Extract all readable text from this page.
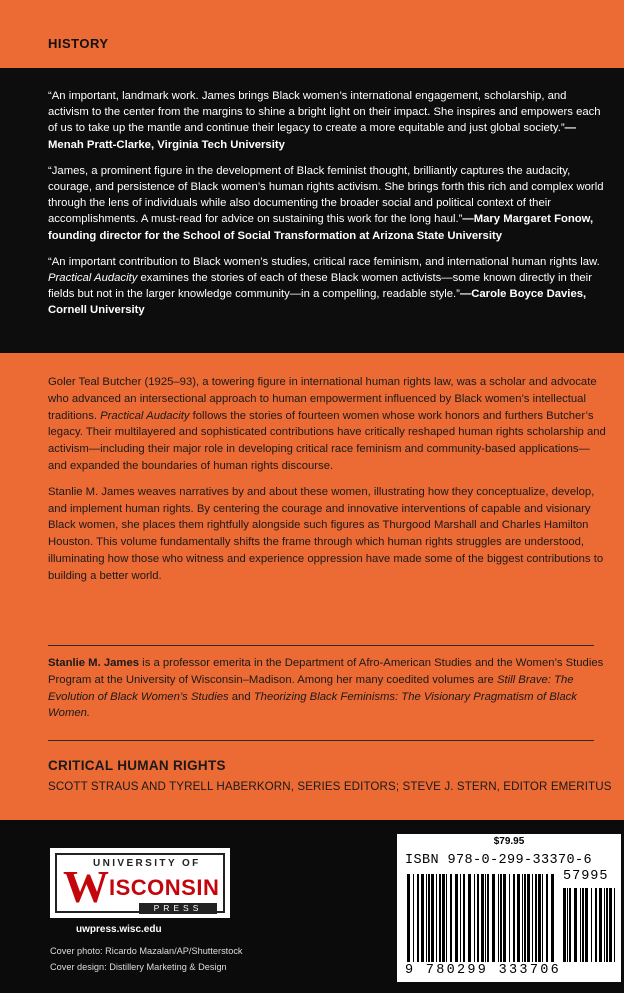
HISTORY

“An important, landmark work. James brings Black women’s international engagement, scholarship, and activism to the center from the margins to shine a bright light on their impact. She inspires and empowers each of us to take up the mantle and continue their legacy to create a more equitable and just global society.”—Menah Pratt-Clarke, Virginia Tech University

“James, a prominent figure in the development of Black feminist thought, brilliantly captures the audacity, courage, and persistence of Black women’s human rights activism. She brings forth this rich and complex world through the lens of individuals while also documenting the broader social and political context of their accomplishments. A must-read for advice on sustaining this work for the long haul.”—Mary Margaret Fonow, founding director for the School of Social Transformation at Arizona State University

“An important contribution to Black women’s studies, critical race feminism, and international human rights law. Practical Audacity examines the stories of each of these Black women activists—some known directly in their fields but not in the larger knowledge community—in a compelling, readable style.”—Carole Boyce Davies, Cornell University

Goler Teal Butcher (1925–93), a towering figure in international human rights law, was a scholar and advocate who advanced an intersectional approach to human empowerment influenced by Black women’s intellectual traditions. Practical Audacity follows the stories of fourteen women whose work honors and furthers Butcher’s legacy. Their multilayered and sophisticated contributions have critically reshaped human rights scholarship and activism—including their major role in developing critical race feminism and community-based applications—and expanded the boundaries of human rights discourse.

Stanlie M. James weaves narratives by and about these women, illustrating how they conceptualize, develop, and implement human rights. By centering the courage and innovative interventions of capable and visionary Black women, she places them rightfully alongside such figures as Thurgood Marshall and Charles Hamilton Houston. This volume fundamentally shifts the frame through which human rights struggles are understood, illuminating how those who witness and experience oppression have made some of the biggest contributions to building a better world.

Stanlie M. James is a professor emerita in the Department of Afro-American Studies and the Women’s Studies Program at the University of Wisconsin–Madison. Among her many coedited volumes are Still Brave: The Evolution of Black Women’s Studies and Theorizing Black Feminisms: The Visionary Pragmatism of Black Women.

CRITICAL HUMAN RIGHTS
SCOTT STRAUS AND TYRELL HABERKORN, SERIES EDITORS; STEVE J. STERN, EDITOR EMERITUS
UNIVERSITY OF
W ISCONSIN
PRESS
uwpress.wisc.edu
Cover photo: Ricardo Mazalan/AP/Shutterstock
Cover design: Distillery Marketing & Design
$79.95
ISBN 978-0-299-33370-6
57995
9 780299 333706
